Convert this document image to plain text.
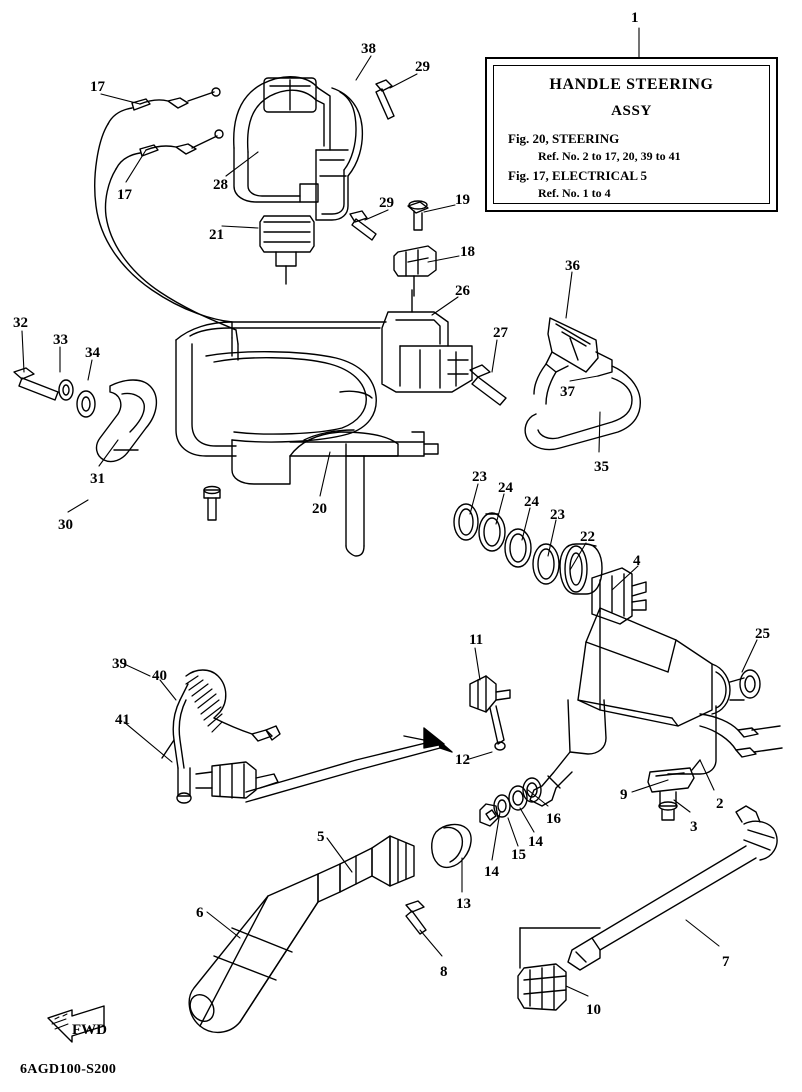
HANDLE STEERING
ASSY
Fig. 20, STEERING
Ref. No. 2 to 17, 20, 39 to 41
Fig. 17, ELECTRICAL 5
Ref. No. 1 to 4
1
38
29
17
17
28
29	19
21
18
36
26
27
32
33
34
37
35
31
30
20
23
24
24
23
22
4
11	25
39
40
41
12
9
2
3
16
15
14
14
13
5
6
8
7
10
FWD
6AGD100-S200
